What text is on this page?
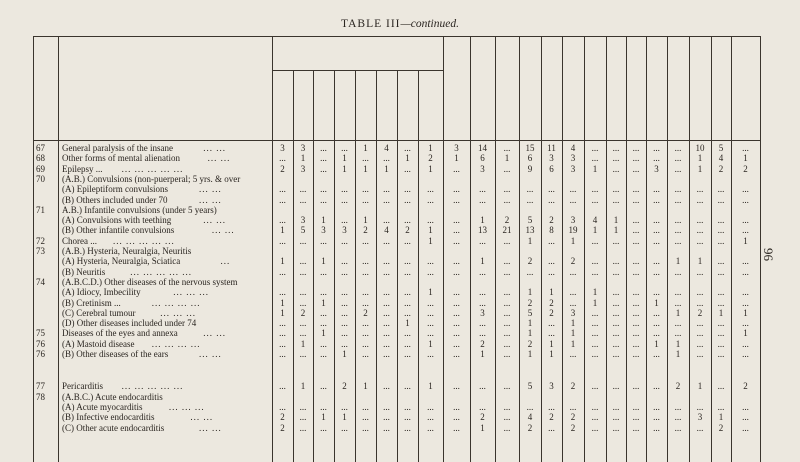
TABLE III—continued.
96
67 General paralysis of the insane	... ...	3	3	...	...	1	4	...	1	3	14	...	15	11	4	...	...	...	...	...	10	5	...
68 Other forms of mental alienation	... ...	...	1	...	1	...	...	1	2	1	6	1	6	3	3	...	...	...	...	...	1	4	1
69 Epilepsy ... ... ... ... ... ...	2	3	...	1	1	1	...	1	...	3	...	9	6	3	1	...	...	3	...	1	2	2
70 (A.B.) Convulsions (non-puerperal; 5 yrs. & over
(A) Epileptiform convulsions	... ...	...	...	...	...	...	...	...	...	...	...	...	...	...	...	...	...	...	...	...	...	...	...
(B) Others included under 70	... ...	...	...	...	...	...	...	...	...	...	...	...	...	...	...	...	...	...	...	...	...	...	...
71 A.B.) Infantile convulsions (under 5 years)
(A) Convulsions with teething	... ...	...	3	1	...	1	...	...	...	...	1	2	5	2	3	4	1	...	...	...	...	...	...
(B) Other infantile convulsions	... ...	1	5	3	3	2	4	2	1	...	13	21	13	8	19	1	1	...	...	...	...	...	...
72 Chorea ... ... ... ... ... ...	...	...	...	...	...	...	...	1	...	...	...	1	...	1	...	...	...	...	...	...	...	1
73 (A.B.) Hysteria, Neuralgia, Neuritis
(A) Hysteria, Neuralgia, Sciatica	...	1	...	1	...	...	...	...	...	...	1	...	2	...	2	...	...	...	...	1	1	...	...
(B) Neuritis	... ... ... ... ...	...	...	...	...	...	...	...	...	...	...	...	...	...	...	...	...	...	...	...	...	...	...
74 (A.B.C.D.) Other diseases of the nervous system
(A) Idiocy, Imbecility	... ... ...	...	...	...	...	...	...	...	1	...	...	...	1	1	...	1	...	...	...	...	...	...	...
(B) Cretinism ...	... ... ... ...	1	...	1	...	...	...	...	...	...	...	...	2	2	...	1	...	...	1	...	...	...	...
(C) Cerebral tumour	... ... ...	1	2	...	...	2	...	...	...	...	3	...	5	2	3	...	...	...	...	1	2	1	1
(D) Other diseases included under 74	...	...	...	...	...	...	1	...	...	...	...	1	...	1	...	...	...	...	...	...	...	...
75 Diseases of the eyes and annexa	... ...	...	...	1	...	...	...	...	...	...	...	...	1	...	1	...	...	...	...	...	...	...	1
76 (A) Mastoid disease ... ... ... ...	...	1	...	...	...	...	...	1	...	2	...	2	1	1	...	...	...	1	1	...	...	...
76 (B) Other diseases of the ears	... ...	...	...	...	1	...	...	...	...	...	1	...	1	1	...	...	...	...	...	1	...	...	...
77 Pericarditis ... ... ... ... ...	...	1	...	2	1	...	...	1	...	...	...	5	3	2	...	...	...	...	2	1	...	2
78 (A.B.C.) Acute endocarditis
(A) Acute myocarditis	... ... ...	...	...	...	...	...	...	...	...	...	...	...	...	...	...	...	...	...	...	...	...	...	...
(B) Infective endocarditis	... ...	2	...	1	1	...	...	...	...	...	2	...	4	2	2	...	...	...	...	...	3	1	...
(C) Other acute endocarditis	... ...	2	...	...	...	...	...	...	...	...	1	...	2	...	2	...	...	...	...	...	...	2	...
